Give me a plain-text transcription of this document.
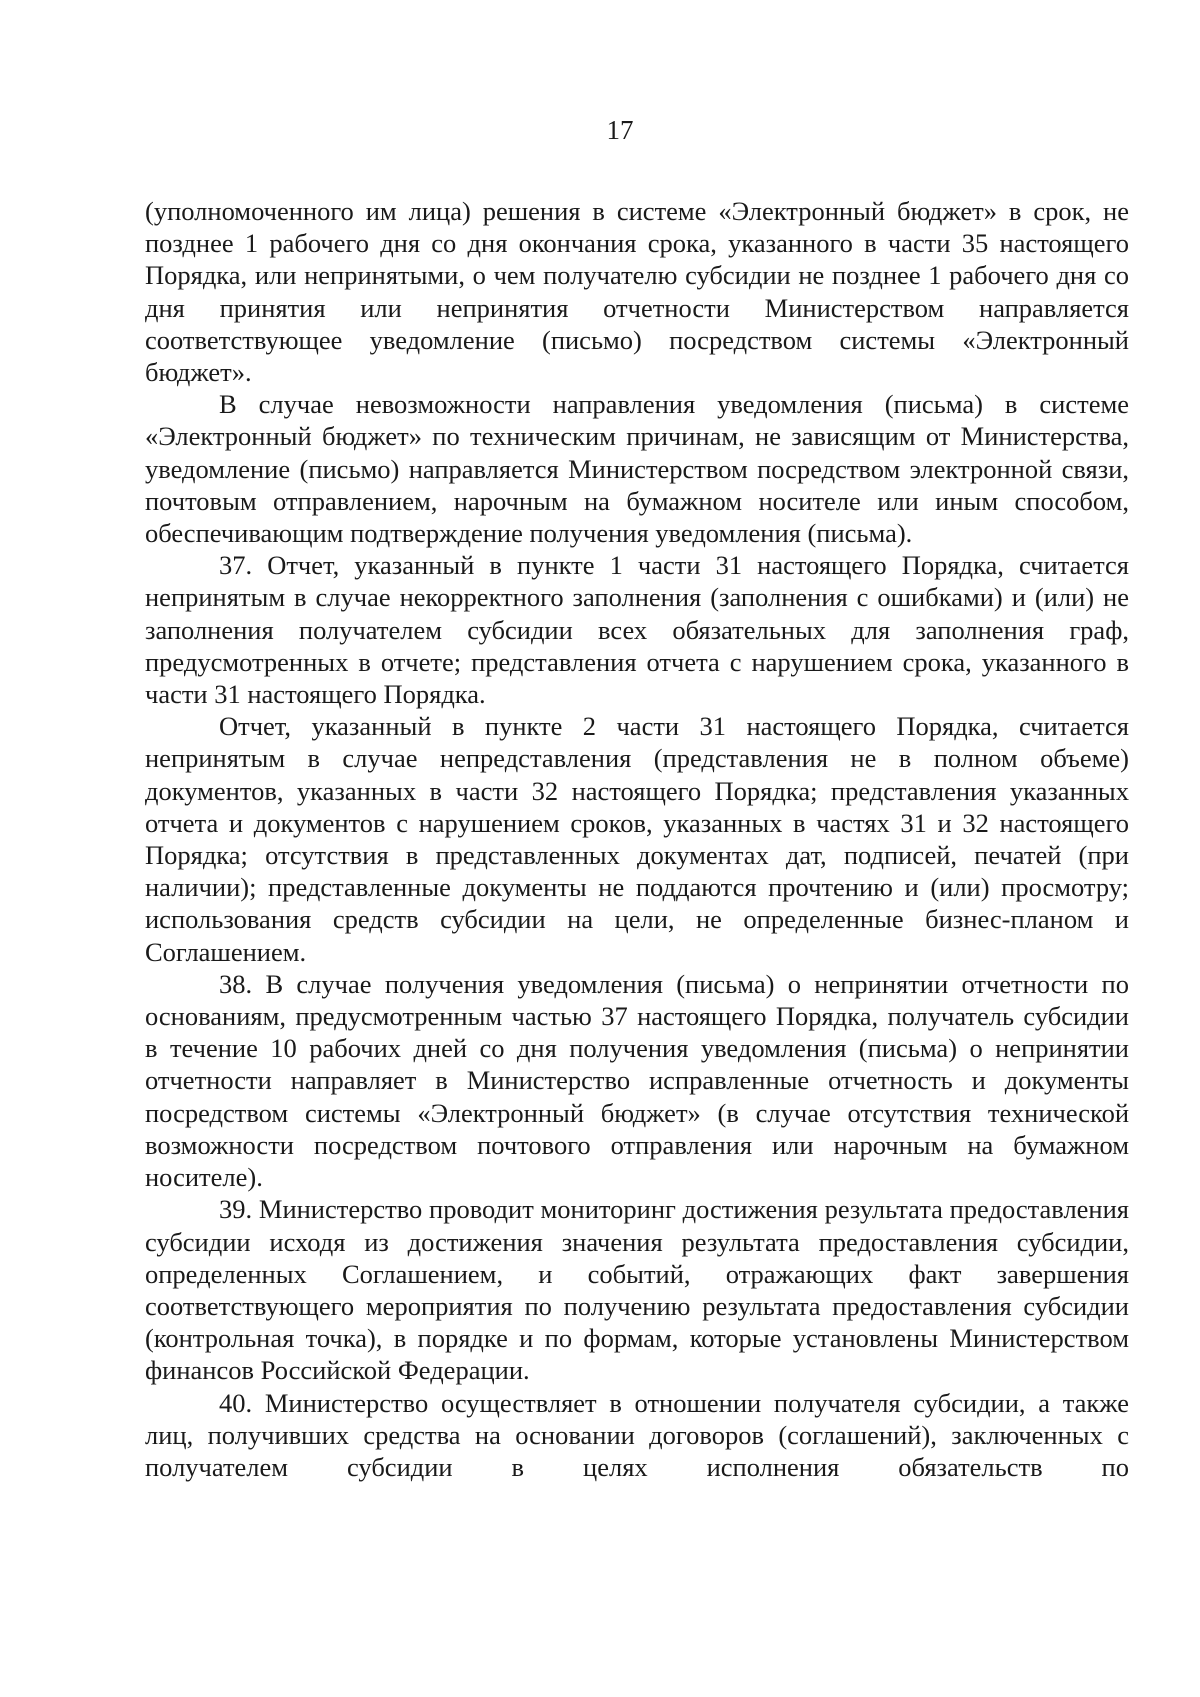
17

(уполномоченного им лица) решения в системе «Электронный бюджет» в срок, не позднее 1 рабочего дня со дня окончания срока, указанного в части 35 настоящего Порядка, или непринятыми, о чем получателю субсидии не позднее 1 рабочего дня со дня принятия или непринятия отчетности Министерством направляется соответствующее уведомление (письмо) посредством системы «Электронный бюджет».

В случае невозможности направления уведомления (письма) в системе «Электронный бюджет» по техническим причинам, не зависящим от Министерства, уведомление (письмо) направляется Министерством посредством электронной связи, почтовым отправлением, нарочным на бумажном носителе или иным способом, обеспечивающим подтверждение получения уведомления (письма).

37. Отчет, указанный в пункте 1 части 31 настоящего Порядка, считается непринятым в случае некорректного заполнения (заполнения с ошибками) и (или) не заполнения получателем субсидии всех обязательных для заполнения граф, предусмотренных в отчете; представления отчета с нарушением срока, указанного в части 31 настоящего Порядка.

Отчет, указанный в пункте 2 части 31 настоящего Порядка, считается непринятым в случае непредставления (представления не в полном объеме) документов, указанных в части 32 настоящего Порядка; представления указанных отчета и документов с нарушением сроков, указанных в частях 31 и 32 настоящего Порядка; отсутствия в представленных документах дат, подписей, печатей (при наличии); представленные документы не поддаются прочтению и (или) просмотру; использования средств субсидии на цели, не определенные бизнес-планом и Соглашением.

38. В случае получения уведомления (письма) о непринятии отчетности по основаниям, предусмотренным частью 37 настоящего Порядка, получатель субсидии в течение 10 рабочих дней со дня получения уведомления (письма) о непринятии отчетности направляет в Министерство исправленные отчетность и документы посредством системы «Электронный бюджет» (в случае отсутствия технической возможности посредством почтового отправления или нарочным на бумажном носителе).

39. Министерство проводит мониторинг достижения результата предоставления субсидии исходя из достижения значения результата предоставления субсидии, определенных Соглашением, и событий, отражающих факт завершения соответствующего мероприятия по получению результата предоставления субсидии (контрольная точка), в порядке и по формам, которые установлены Министерством финансов Российской Федерации.

40. Министерство осуществляет в отношении получателя субсидии, а также лиц, получивших средства на основании договоров (соглашений), заключенных с получателем субсидии в целях исполнения обязательств по
